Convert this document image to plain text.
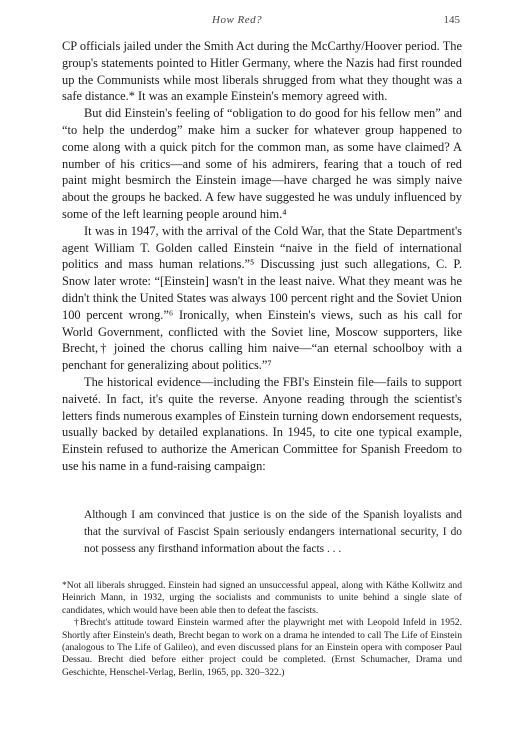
How Red?	145

CP officials jailed under the Smith Act during the McCarthy/Hoover period. The group's statements pointed to Hitler Germany, where the Nazis had first rounded up the Communists while most liberals shrugged from what they thought was a safe distance.* It was an example Einstein's memory agreed with.

But did Einstein's feeling of “obligation to do good for his fellow men” and “to help the underdog” make him a sucker for whatever group happened to come along with a quick pitch for the common man, as some have claimed? A number of his critics—and some of his admirers, fearing that a touch of red paint might besmirch the Einstein image—have charged he was simply naive about the groups he backed. A few have suggested he was unduly influenced by some of the left learning people around him.⁴

It was in 1947, with the arrival of the Cold War, that the State Department's agent William T. Golden called Einstein “naive in the field of international politics and mass human relations.”⁵ Discussing just such allegations, C. P. Snow later wrote: “[Einstein] wasn't in the least naive. What they meant was he didn't think the United States was always 100 percent right and the Soviet Union 100 percent wrong.”⁶ Ironically, when Einstein's views, such as his call for World Government, conflicted with the Soviet line, Moscow supporters, like Brecht,† joined the chorus calling him naive—“an eternal schoolboy with a penchant for generalizing about politics.”⁷

The historical evidence—including the FBI's Einstein file—fails to support naiveté. In fact, it's quite the reverse. Anyone reading through the scientist's letters finds numerous examples of Einstein turning down endorsement requests, usually backed by detailed explanations. In 1945, to cite one typical example, Einstein refused to authorize the American Committee for Spanish Freedom to use his name in a fund-raising campaign:

Although I am convinced that justice is on the side of the Spanish loyalists and that the survival of Fascist Spain seriously endangers international security, I do not possess any firsthand information about the facts . . .

*Not all liberals shrugged. Einstein had signed an unsuccessful appeal, along with Käthe Kollwitz and Heinrich Mann, in 1932, urging the socialists and communists to unite behind a single slate of candidates, which would have been able then to defeat the fascists.

†Brecht's attitude toward Einstein warmed after the playwright met with Leopold Infeld in 1952. Shortly after Einstein's death, Brecht began to work on a drama he intended to call The Life of Einstein (analogous to The Life of Galileo), and even discussed plans for an Einstein opera with composer Paul Dessau. Brecht died before either project could be completed. (Ernst Schumacher, Drama und Geschichte, Henschel-Verlag, Berlin, 1965, pp. 320–322.)
